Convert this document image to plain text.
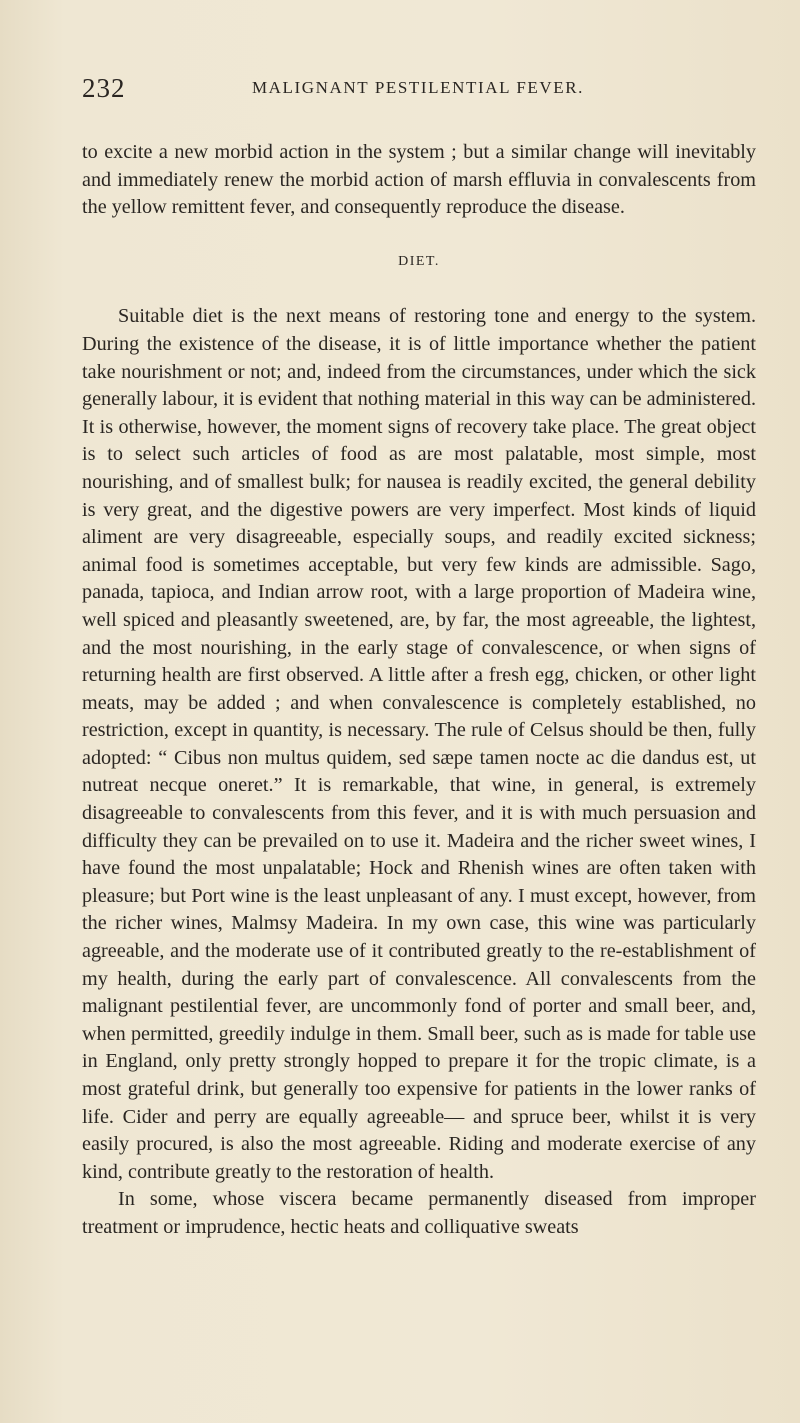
232	MALIGNANT PESTILENTIAL FEVER.

to excite a new morbid action in the system ; but a similar change will inevitably and immediately renew the morbid action of marsh effluvia in convalescents from the yellow remittent fever, and consequently reproduce the disease.

DIET.

Suitable diet is the next means of restoring tone and energy to the system. During the existence of the disease, it is of little importance whether the patient take nourishment or not; and, indeed from the circumstances, under which the sick generally labour, it is evident that nothing material in this way can be administered. It is otherwise, however, the moment signs of recovery take place. The great object is to select such articles of food as are most palatable, most simple, most nourishing, and of smallest bulk; for nausea is readily excited, the general debility is very great, and the digestive powers are very imperfect. Most kinds of liquid aliment are very disagreeable, especially soups, and readily excited sickness; animal food is sometimes acceptable, but very few kinds are admissible. Sago, panada, tapioca, and Indian arrow root, with a large proportion of Madeira wine, well spiced and pleasantly sweetened, are, by far, the most agreeable, the lightest, and the most nourishing, in the early stage of convalescence, or when signs of returning health are first observed. A little after a fresh egg, chicken, or other light meats, may be added ; and when convalescence is completely established, no restriction, except in quantity, is necessary. The rule of Celsus should be then, fully adopted: “ Cibus non multus quidem, sed sæpe tamen nocte ac die dandus est, ut nutreat necque oneret.” It is remarkable, that wine, in general, is extremely disagreeable to convalescents from this fever, and it is with much persuasion and difficulty they can be prevailed on to use it. Madeira and the richer sweet wines, I have found the most unpalatable; Hock and Rhenish wines are often taken with pleasure; but Port wine is the least unpleasant of any. I must except, however, from the richer wines, Malmsy Madeira. In my own case, this wine was particularly agreeable, and the moderate use of it contributed greatly to the re-establishment of my health, during the early part of convalescence. All convalescents from the malignant pestilential fever, are uncommonly fond of porter and small beer, and, when permitted, greedily indulge in them. Small beer, such as is made for table use in England, only pretty strongly hopped to prepare it for the tropic climate, is a most grateful drink, but generally too expensive for patients in the lower ranks of life. Cider and perry are equally agreeable— and spruce beer, whilst it is very easily procured, is also the most agreeable. Riding and moderate exercise of any kind, contribute greatly to the restoration of health.

In some, whose viscera became permanently diseased from improper treatment or imprudence, hectic heats and colliquative sweats
